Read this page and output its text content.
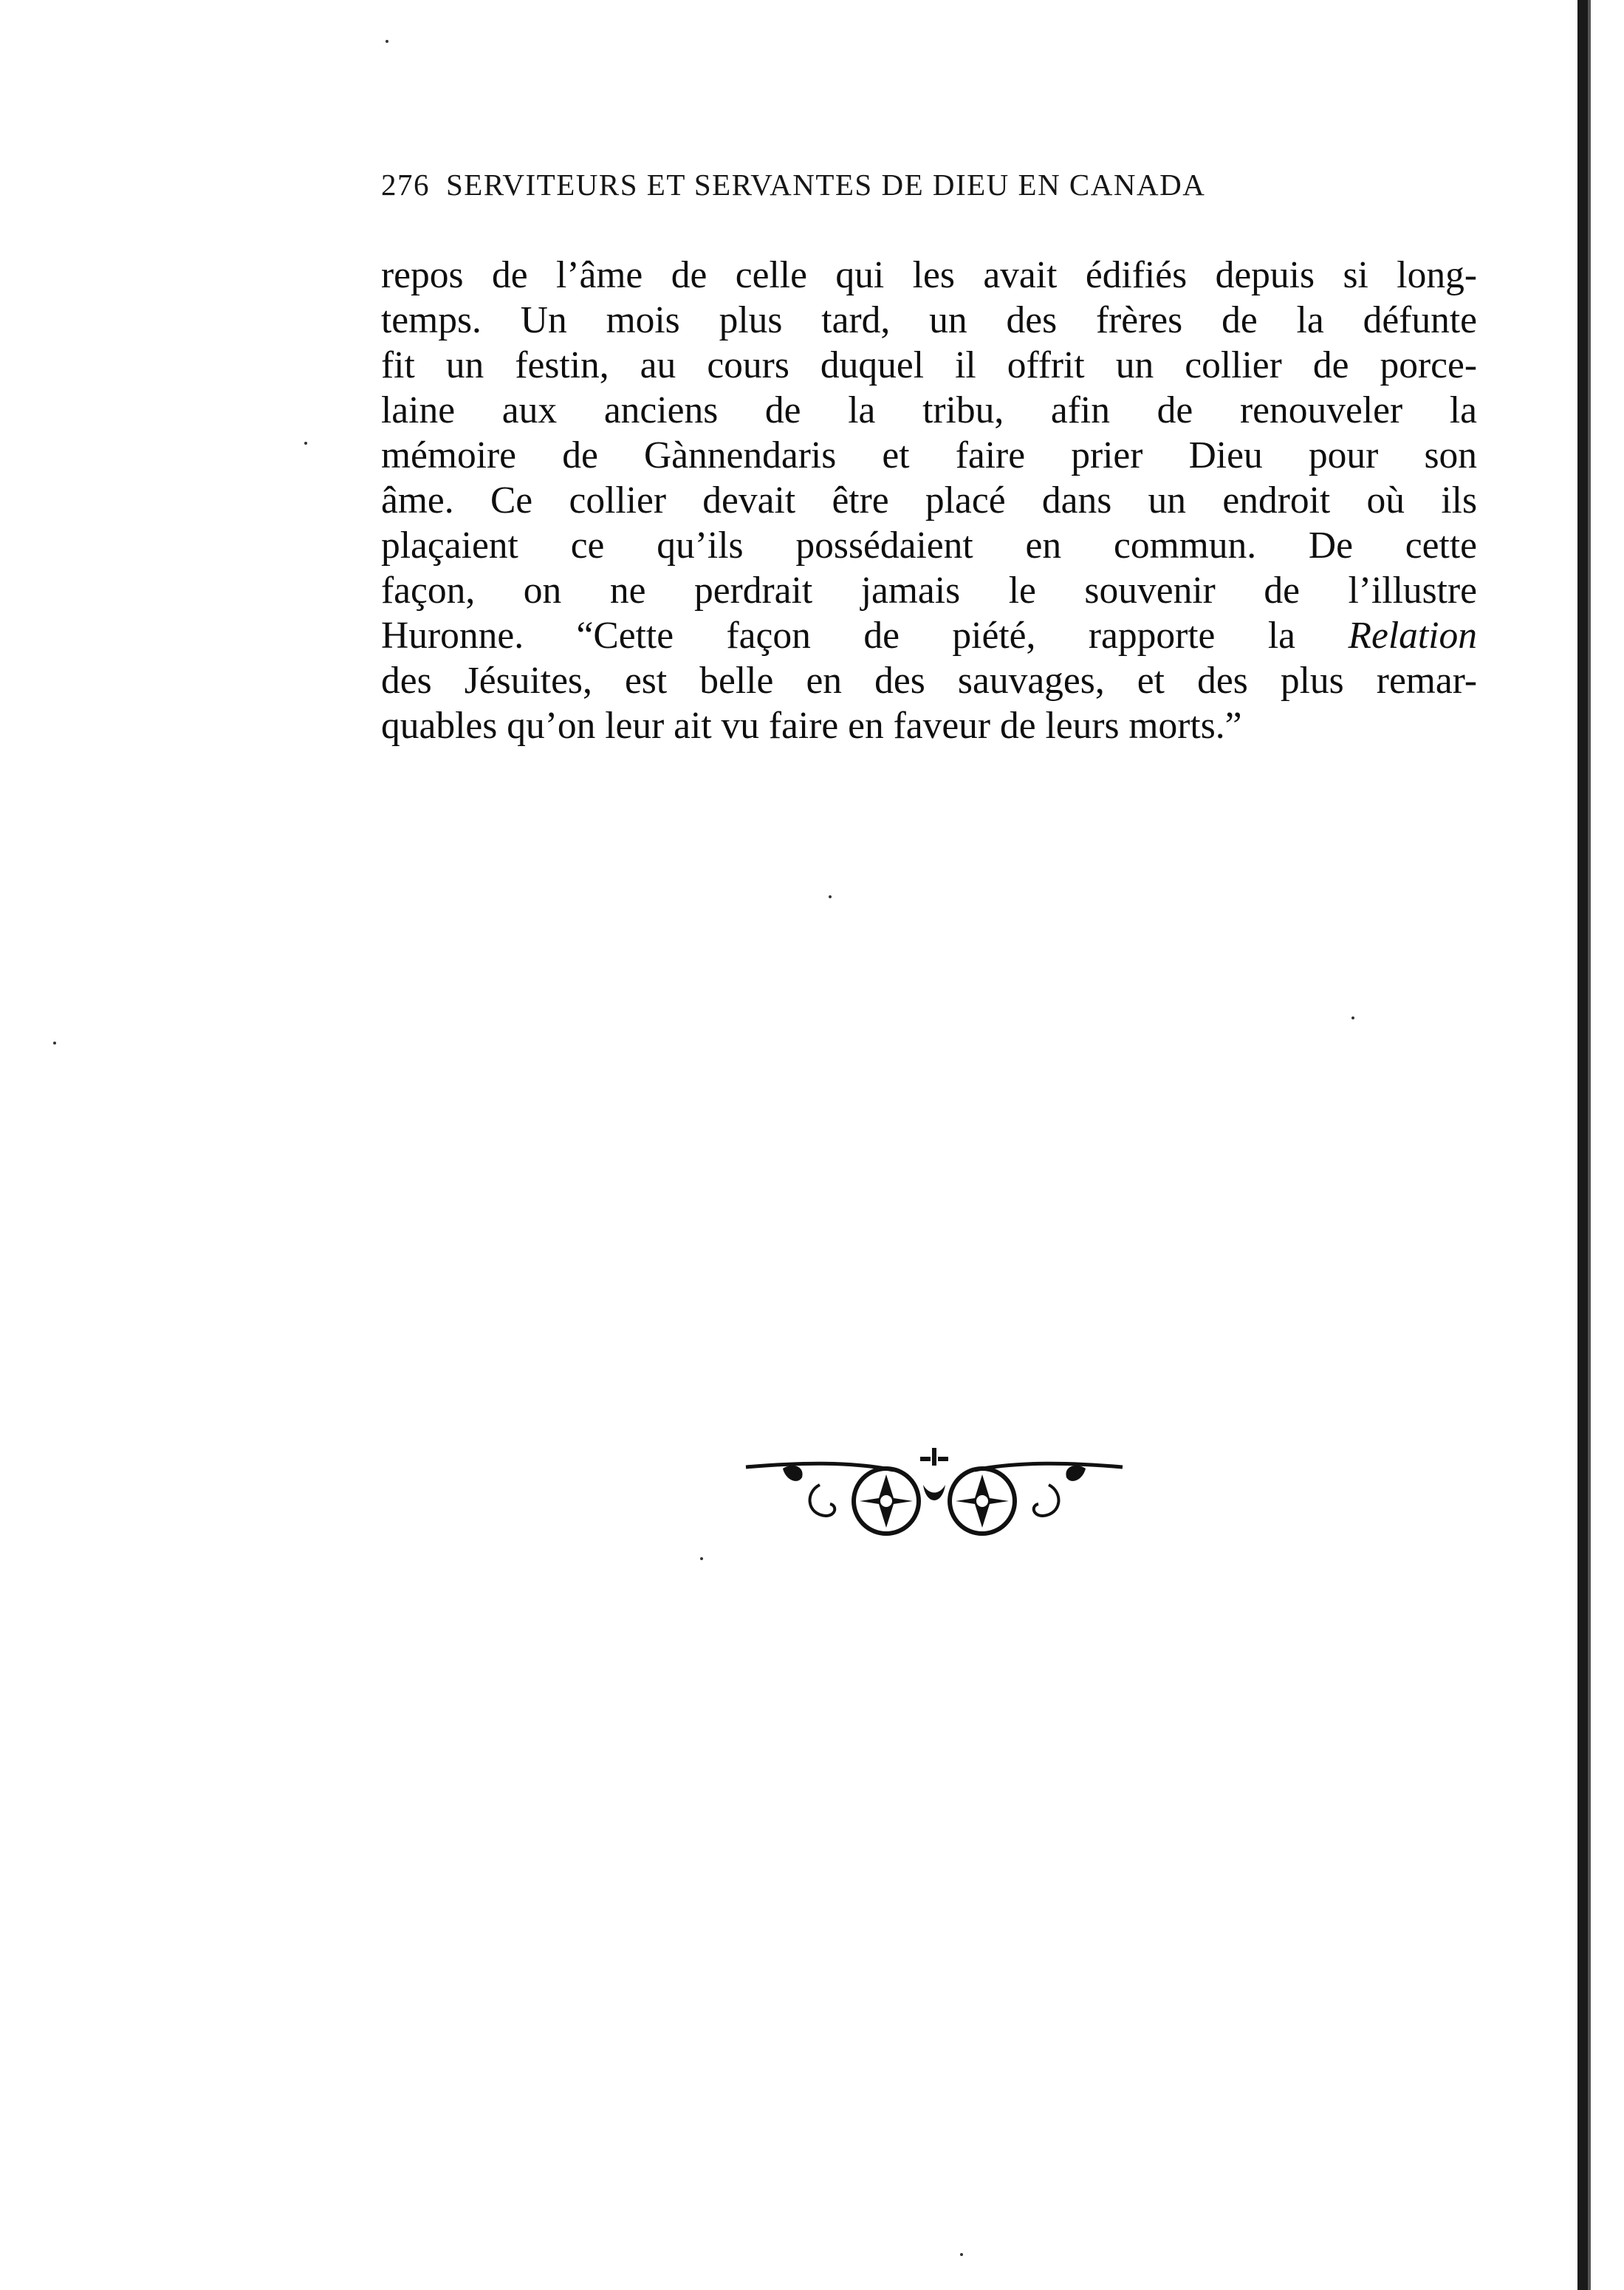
276 SERVITEURS ET SERVANTES DE DIEU EN CANADA
repos de l’âme de celle qui les avait édifiés depuis si long-
temps. Un mois plus tard, un des frères de la défunte
fit un festin, au cours duquel il offrit un collier de porce-
laine aux anciens de la tribu, afin de renouveler la
mémoire de Gànnendaris et faire prier Dieu pour son
âme. Ce collier devait être placé dans un endroit où ils
plaçaient ce qu’ils possédaient en commun. De cette
façon, on ne perdrait jamais le souvenir de l’illustre
Huronne. “Cette façon de piété, rapporte la Relation
des Jésuites, est belle en des sauvages, et des plus remar-
quables qu’on leur ait vu faire en faveur de leurs morts.”
